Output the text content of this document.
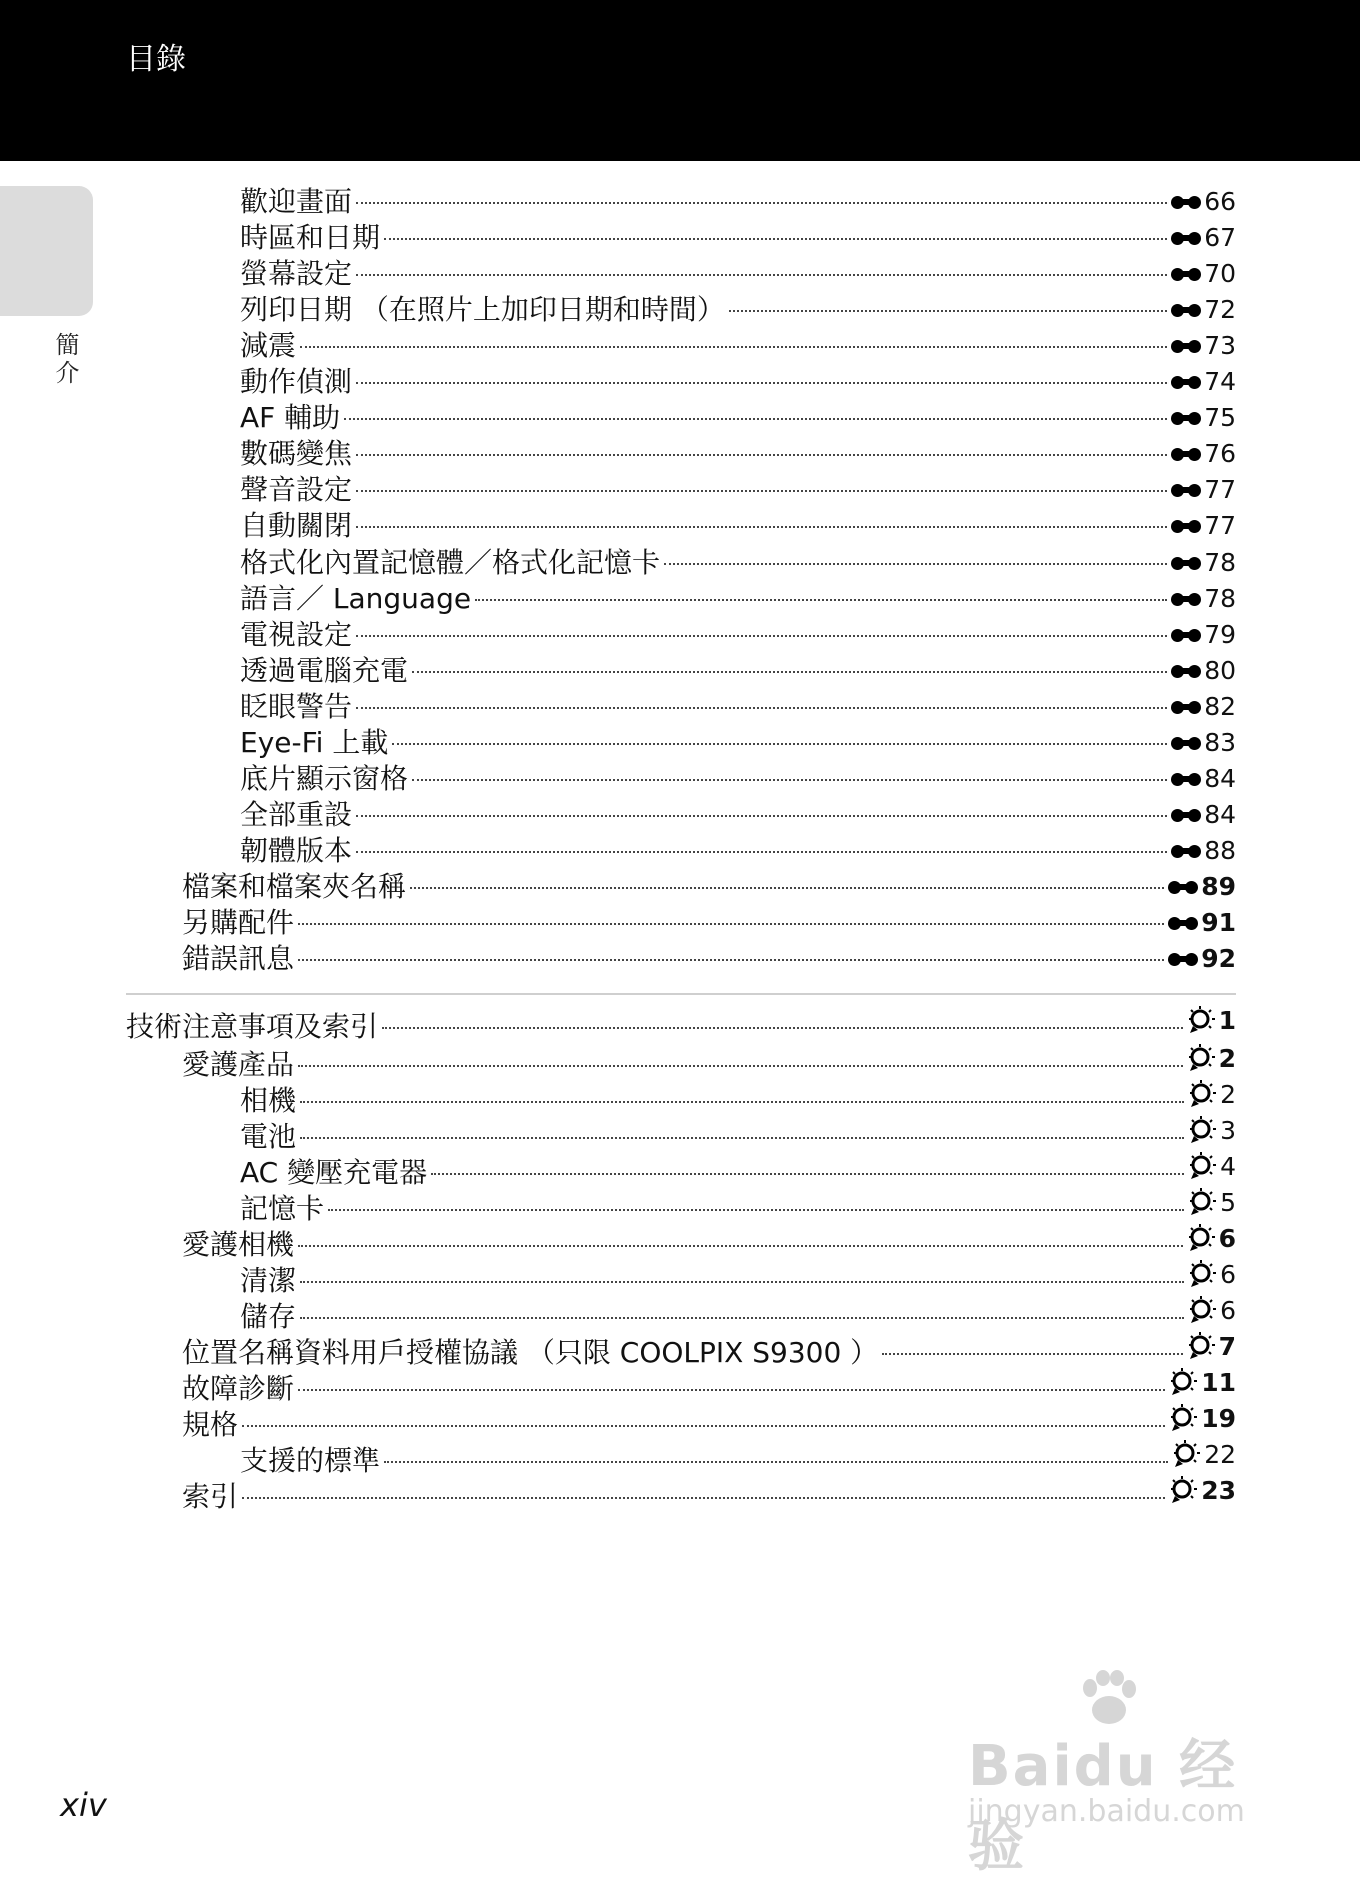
目錄
簡介
歡迎畫面	66
時區和日期	67
螢幕設定	70
列印日期 （在照片上加印日期和時間）	72
減震	73
動作偵測	74
AF 輔助	75
數碼變焦	76
聲音設定	77
自動關閉	77
格式化內置記憶體／格式化記憶卡	78
語言／ Language	78
電視設定	79
透過電腦充電	80
眨眼警告	82
Eye-Fi 上載	83
底片顯示窗格	84
全部重設	84
韌體版本	88
檔案和檔案夾名稱	89
另購配件	91
錯誤訊息	92
技術注意事項及索引	1
愛護產品	2
相機	2
電池	3
AC 變壓充電器	4
記憶卡	5
愛護相機	6
清潔	6
儲存	6
位置名稱資料用戶授權協議 （只限 COOLPIX S9300 ）	7
故障診斷	11
規格	19
支援的標準	22
索引	23
xiv
Baidu 经验
jingyan.baidu.com
